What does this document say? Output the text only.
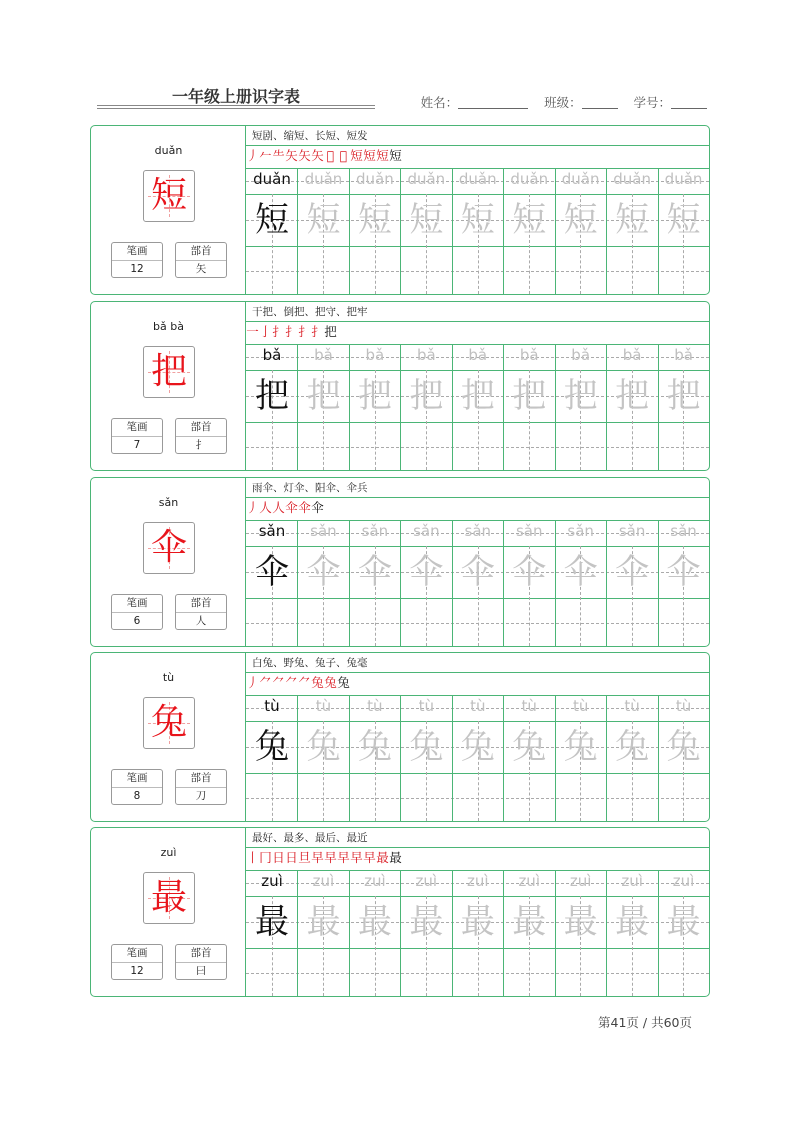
一年级上册识字表	姓名：	班级：	学号：
duǎn
短
笔画
12
部首
矢
短剧、缩短、长短、短发
丿𠂉⺧矢矢矢 𥐖 𥐖 短短短短
duǎn
短
duǎn
短
duǎn
短
duǎn
短
duǎn
短
duǎn
短
duǎn
短
duǎn
短
duǎn
短
bǎ bà
把
笔画
7
部首
扌
干把、倒把、把守、把牢
一亅扌扌扌扌把
bǎ
把
bǎ
把
bǎ
把
bǎ
把
bǎ
把
bǎ
把
bǎ
把
bǎ
把
bǎ
把
sǎn
伞
笔画
6
部首
人
雨伞、灯伞、阳伞、伞兵
丿人人伞伞伞
sǎn
伞
sǎn
伞
sǎn
伞
sǎn
伞
sǎn
伞
sǎn
伞
sǎn
伞
sǎn
伞
sǎn
伞
tù
兔
笔画
8
部首
刀
白兔、野兔、兔子、兔毫
丿⺈⺈⺈⺈兔兔兔
tù
兔
tù
兔
tù
兔
tù
兔
tù
兔
tù
兔
tù
兔
tù
兔
tù
兔
zuì
最
笔画
12
部首
曰
最好、最多、最后、最近
丨冂日日旦早早早早早最最
zuì
最
zuì
最
zuì
最
zuì
最
zuì
最
zuì
最
zuì
最
zuì
最
zuì
最
第41页 / 共60页
